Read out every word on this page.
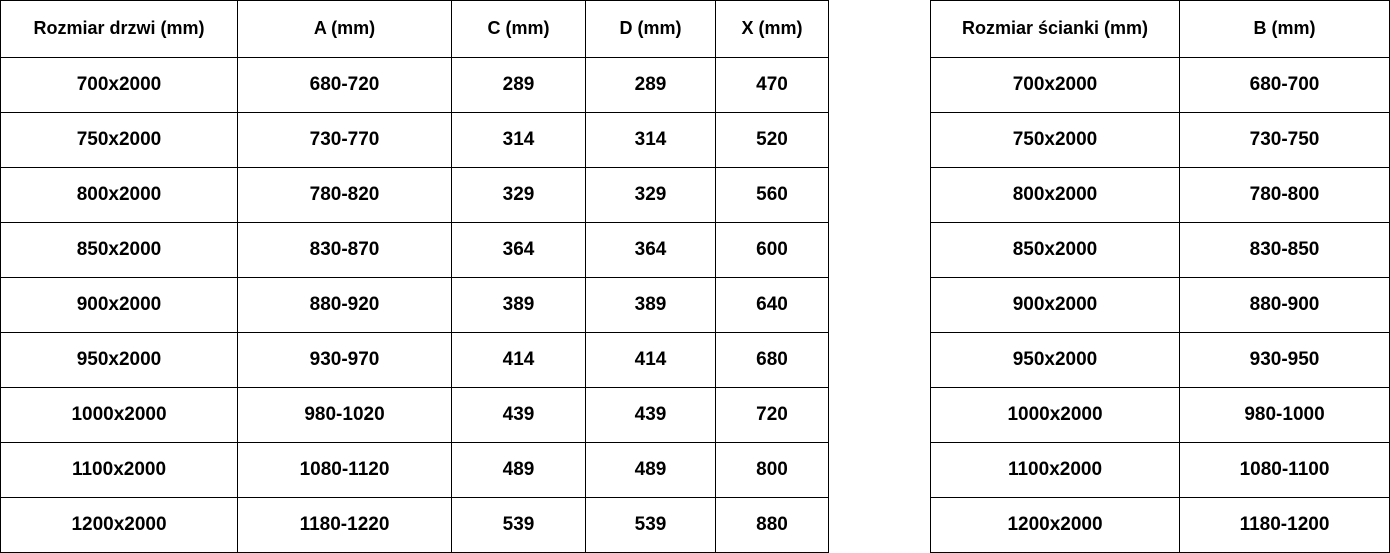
Rozmiar drzwi (mm)	A (mm)	C (mm)	D (mm)	X (mm)
700x2000	680-720	289	289	470
750x2000	730-770	314	314	520
800x2000	780-820	329	329	560
850x2000	830-870	364	364	600
900x2000	880-920	389	389	640
950x2000	930-970	414	414	680
1000x2000	980-1020	439	439	720
1100x2000	1080-1120	489	489	800
1200x2000	1180-1220	539	539	880
Rozmiar ścianki (mm)	B (mm)
700x2000	680-700
750x2000	730-750
800x2000	780-800
850x2000	830-850
900x2000	880-900
950x2000	930-950
1000x2000	980-1000
1100x2000	1080-1100
1200x2000	1180-1200
